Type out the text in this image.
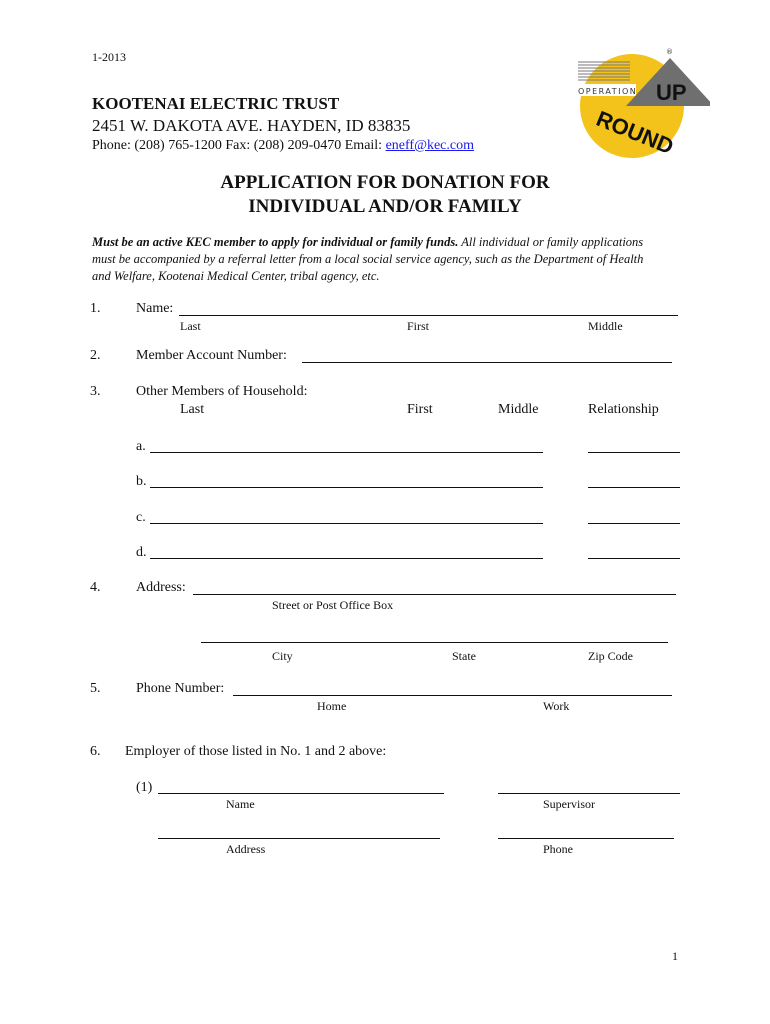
1-2013
KOOTENAI ELECTRIC TRUST
2451 W. DAKOTA AVE. HAYDEN, ID 83835
Phone: (208) 765-1200 Fax: (208) 209-0470 Email: eneff@kec.com
®
OPERATION UP
ROUND
APPLICATION FOR DONATION FOR
INDIVIDUAL AND/OR FAMILY
Must be an active KEC member to apply for individual or family funds. All individual or family applications must be accompanied by a referral letter from a local social service agency, such as the Department of Health and Welfare, Kootenai Medical Center, tribal agency, etc.
1.	Name:
Last	First	Middle
2.	Member Account Number:
3.	Other Members of Household:
Last	First	Middle	Relationship
a.
b.
c.
d.
4.	Address:
Street or Post Office Box
City	State	Zip Code
5.	Phone Number:
Home	Work
6. Employer of those listed in No. 1 and 2 above:
(1)
Name	Supervisor
Address	Phone
1
